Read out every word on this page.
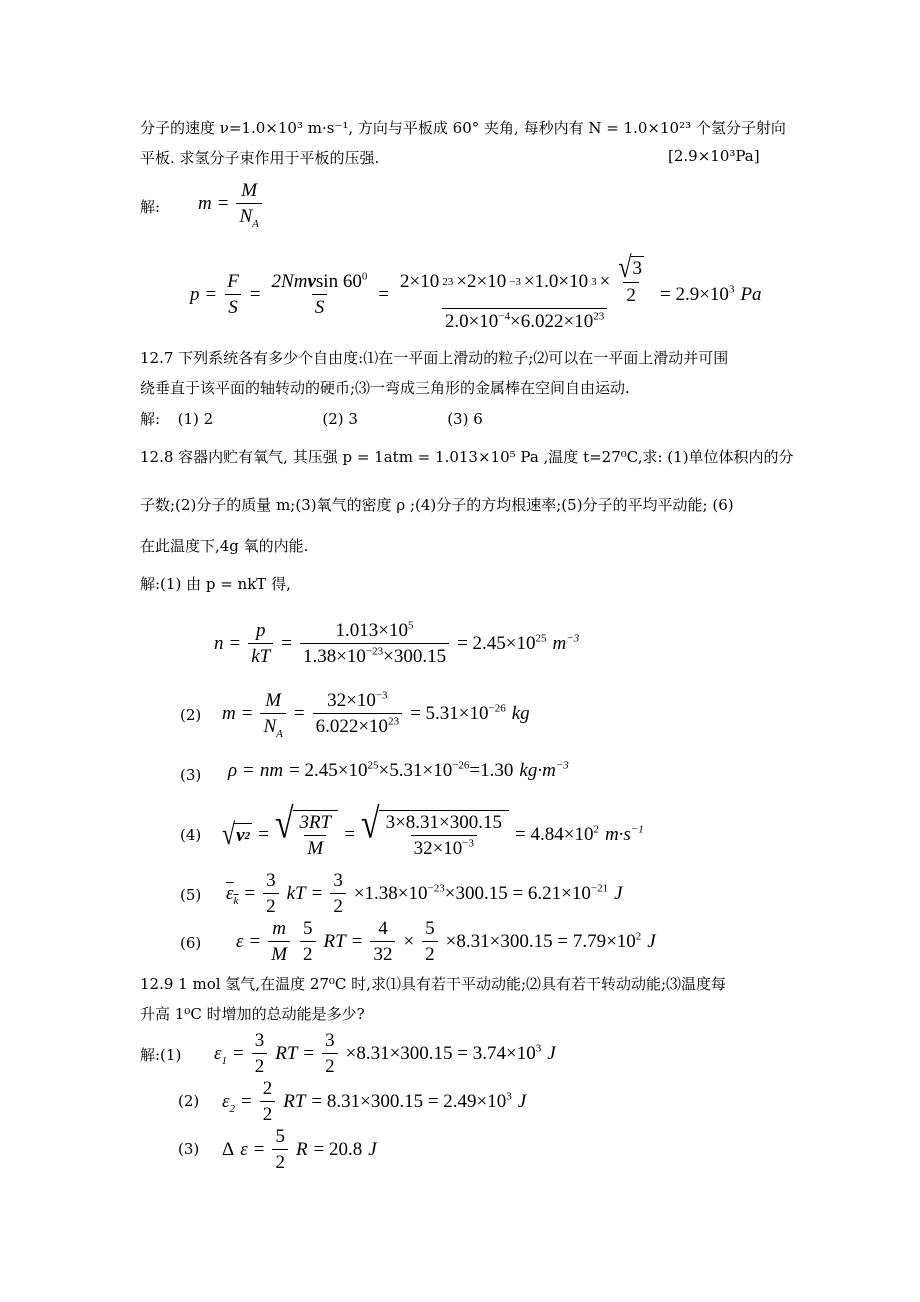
分子的速度 ν=1.0×10³ m·s⁻¹, 方向与平板成 60° 夹角, 每秒内有 N = 1.0×10²³ 个氢分子射向
平板. 求氢分子束作用于平板的压强.	[2.9×10³Pa]
解: $m = \frac{M}{N_A}$
$p = \frac{F}{S} = \frac{2Nm\nu\sin 60^0}{S} = \frac{2\times 10 23 \times 2\times 10 -3 \times 1.0\times 10 3 \times \frac{√ 3}{2}}{2.0\times 10^{-4}\times 6.022\times 10^{23}} = 2.9\times 10^3$ Pa
12.7 下列系统各有多少个自由度:⑴在一平面上滑动的粒子;⑵可以在一平面上滑动并可围
绕垂直于该平面的轴转动的硬币;⑶一弯成三角形的金属棒在空间自由运动.
解: (1) 2	(2) 3	(3) 6
12.8 容器内贮有氧气, 其压强 p = 1atm = 1.013×10⁵ Pa ,温度 t=27⁰C,求: (1)单位体积内的分
子数;(2)分子的质量 m;(3)氧气的密度 ρ ;(4)分子的方均根速率;(5)分子的平均平动能; (6)
在此温度下,4g 氧的内能.
解:(1) 由 p = nkT 得,
$n = \frac{p}{kT} = \frac{1.013\times 10^5}{1.38\times 10^{-23}\times 300.15} = 2.45\times 10^{25}$ $m^{-3}$
(2) $m = \frac{M}{N_A} = \frac{32\times 10^{-3}}{6.022\times 10^{23}} = 5.31\times 10^{-26}$ kg
(3) ρ = nm = $2.45\times 10^{25}\times 5.31\times 10^{-26}=1.30$ $kg\cdot m^{-3}$
(4) √ ν 2 = √ $\frac{3RT}{M}$ = √ $\frac{3\times 8.31\times 300.15}{32\times 10^{-3}} = 4.84\times 10^2$ $m\cdot s^{-1}$
(5) $\varepsilon_k = \frac{3}{2}$ kT = $\frac{3}{2} \times 1.38\times 10^{-23}\times 300.15 = 6.21\times 10^{-21}$ J
(6) $\varepsilon = \frac{m}{M} \frac{5}{2}$ RT = $\frac{4}{32} \times \frac{5}{2} \times 8.31\times 300.15 = 7.79\times 10^2$ J
12.9 1 mol 氢气,在温度 27⁰C 时,求⑴具有若干平动动能;⑵具有若干转动动能;⑶温度每
升高 1⁰C 时增加的总动能是多少?
解:(1) $\varepsilon_1 = \frac{3}{2}$ RT = $\frac{3}{2} \times 8.31\times 300.15 = 3.74\times 10^3$ J
(2) $\varepsilon_2 = \frac{2}{2}$ RT = $8.31\times 300.15 = 2.49\times 10^3$ J
(3) Δ $\varepsilon = \frac{5}{2}$ R = 20.8 J
